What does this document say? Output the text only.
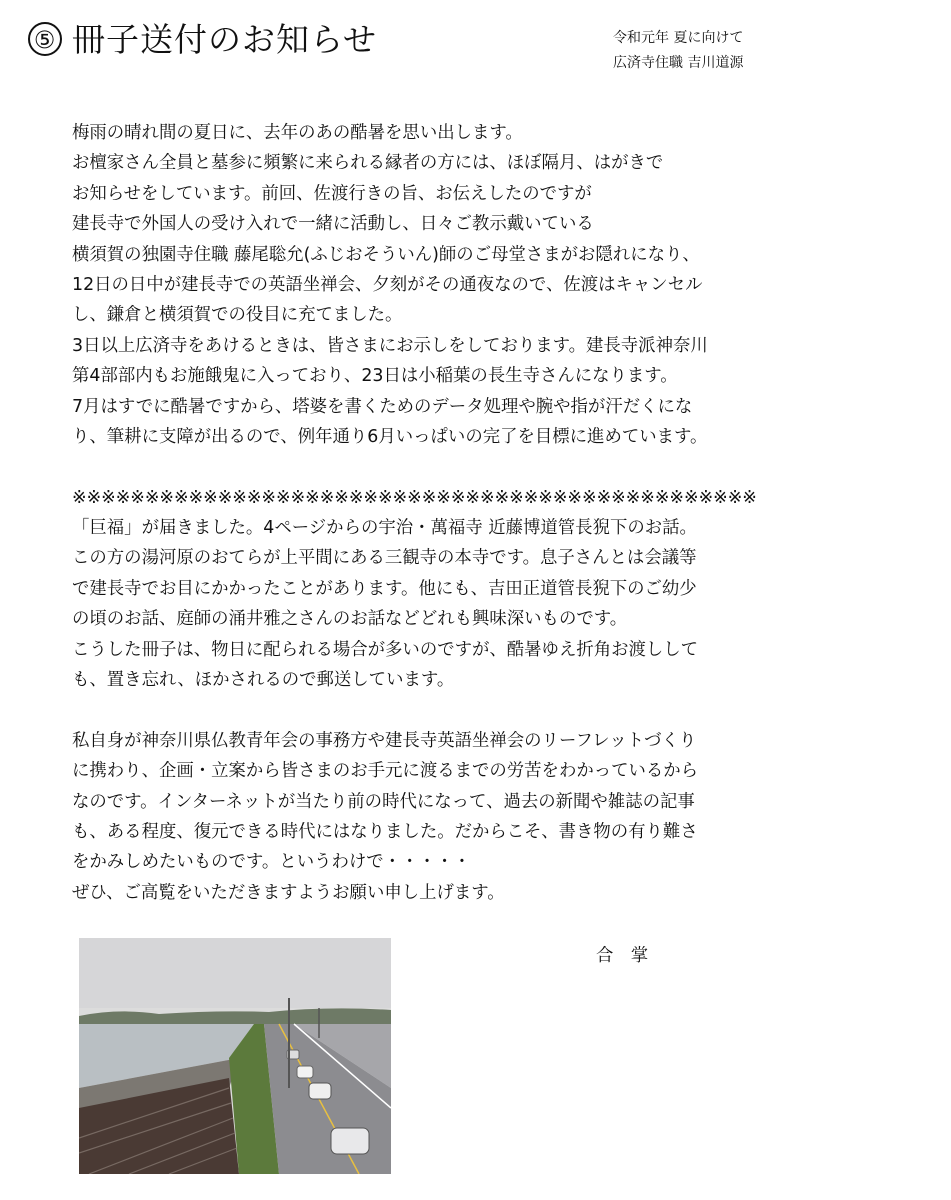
⑤ 冊子送付のお知らせ	令和元年 夏に向けて
広済寺住職 吉川道源
梅雨の晴れ間の夏日に、去年のあの酷暑を思い出します。
お檀家さん全員と墓参に頻繁に来られる縁者の方には、ほぼ隔月、はがきで
お知らせをしています。前回、佐渡行きの旨、お伝えしたのですが
建長寺で外国人の受け入れで一緒に活動し、日々ご教示戴いている
横須賀の独園寺住職 藤尾聡允(ふじおそういん)師のご母堂さまがお隠れになり、
12日の日中が建長寺での英語坐禅会、夕刻がその通夜なので、佐渡はキャンセル
し、鎌倉と横須賀での役目に充てました。
3日以上広済寺をあけるときは、皆さまにお示しをしております。建長寺派神奈川
第4部部内もお施餓鬼に入っており、23日は小稲葉の長生寺さんになります。
7月はすでに酷暑ですから、塔婆を書くためのデータ処理や腕や指が汗だくにな
り、筆耕に支障が出るので、例年通り6月いっぱいの完了を目標に進めています。
※※※※※※※※※※※※※※※※※※※※※※※※※※※※※※※※※※※※※※※※※※※※※※※
「巨福」が届きました。4ページからの宇治・萬福寺 近藤博道管長猊下のお話。
この方の湯河原のおてらが上平間にある三観寺の本寺です。息子さんとは会議等
で建長寺でお目にかかったことがあります。他にも、吉田正道管長猊下のご幼少
の頃のお話、庭師の涌井雅之さんのお話などどれも興味深いものです。
こうした冊子は、物日に配られる場合が多いのですが、酷暑ゆえ折角お渡しして
も、置き忘れ、ほかされるので郵送しています。
私自身が神奈川県仏教青年会の事務方や建長寺英語坐禅会のリーフレットづくり
に携わり、企画・立案から皆さまのお手元に渡るまでの労苦をわかっているから
なのです。インターネットが当たり前の時代になって、過去の新聞や雑誌の記事
も、ある程度、復元できる時代にはなりました。だからこそ、書き物の有り難さ
をかみしめたいものです。というわけで・・・・・
ぜひ、ご高覧をいただきますようお願い申し上げます。
合　掌
